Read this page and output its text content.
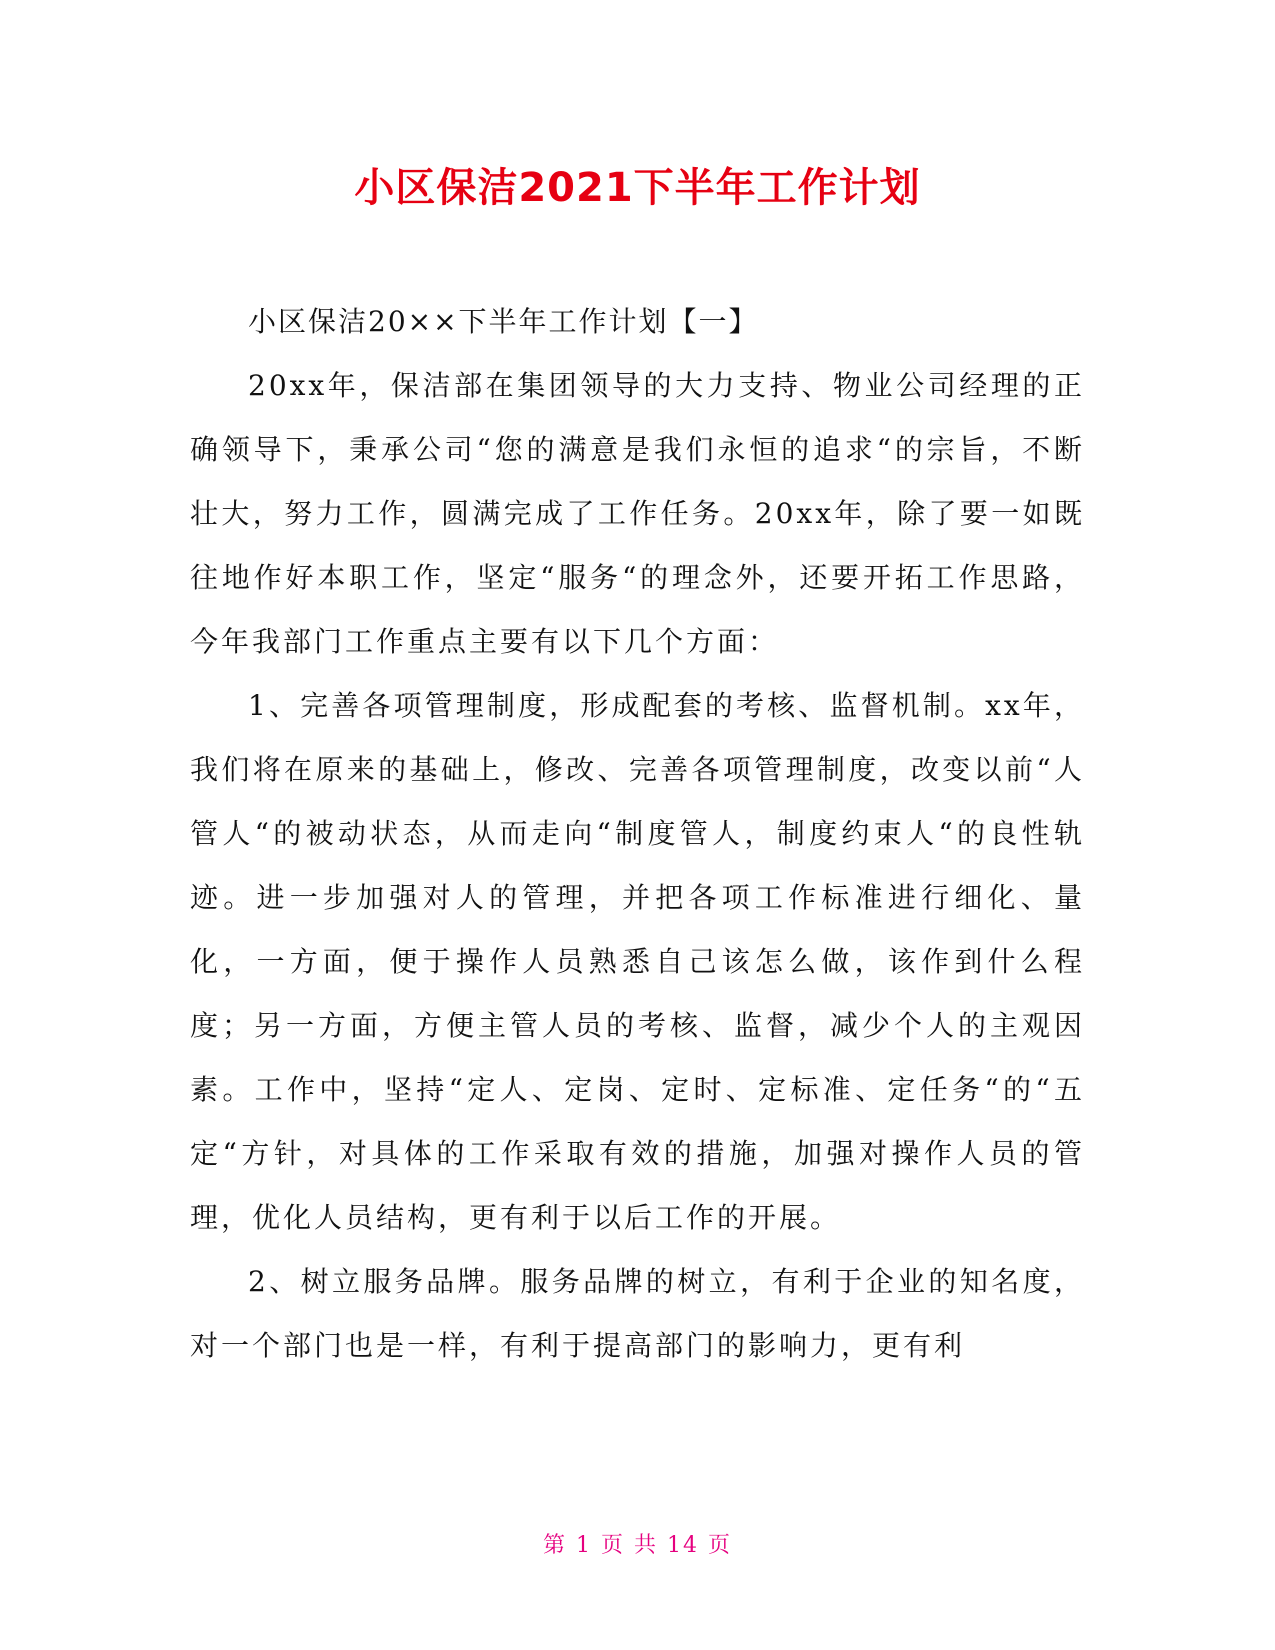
小区保洁2021下半年工作计划

小区保洁20××下半年工作计划【一】

20xx年，保洁部在集团领导的大力支持、物业公司经理的正确领导下，秉承公司“您的满意是我们永恒的追求“的宗旨，不断壮大，努力工作，圆满完成了工作任务。20xx年，除了要一如既往地作好本职工作，坚定“服务“的理念外，还要开拓工作思路，今年我部门工作重点主要有以下几个方面：

1、完善各项管理制度，形成配套的考核、监督机制。xx年，我们将在原来的基础上，修改、完善各项管理制度，改变以前“人管人“的被动状态，从而走向“制度管人，制度约束人“的良性轨迹。进一步加强对人的管理，并把各项工作标准进行细化、量化，一方面，便于操作人员熟悉自己该怎么做，该作到什么程度；另一方面，方便主管人员的考核、监督，减少个人的主观因素。工作中，坚持“定人、定岗、定时、定标准、定任务“的“五定“方针，对具体的工作采取有效的措施，加强对操作人员的管理，优化人员结构，更有利于以后工作的开展。

2、树立服务品牌。服务品牌的树立，有利于企业的知名度，对一个部门也是一样，有利于提高部门的影响力，更有利

第 1 页 共 14 页
